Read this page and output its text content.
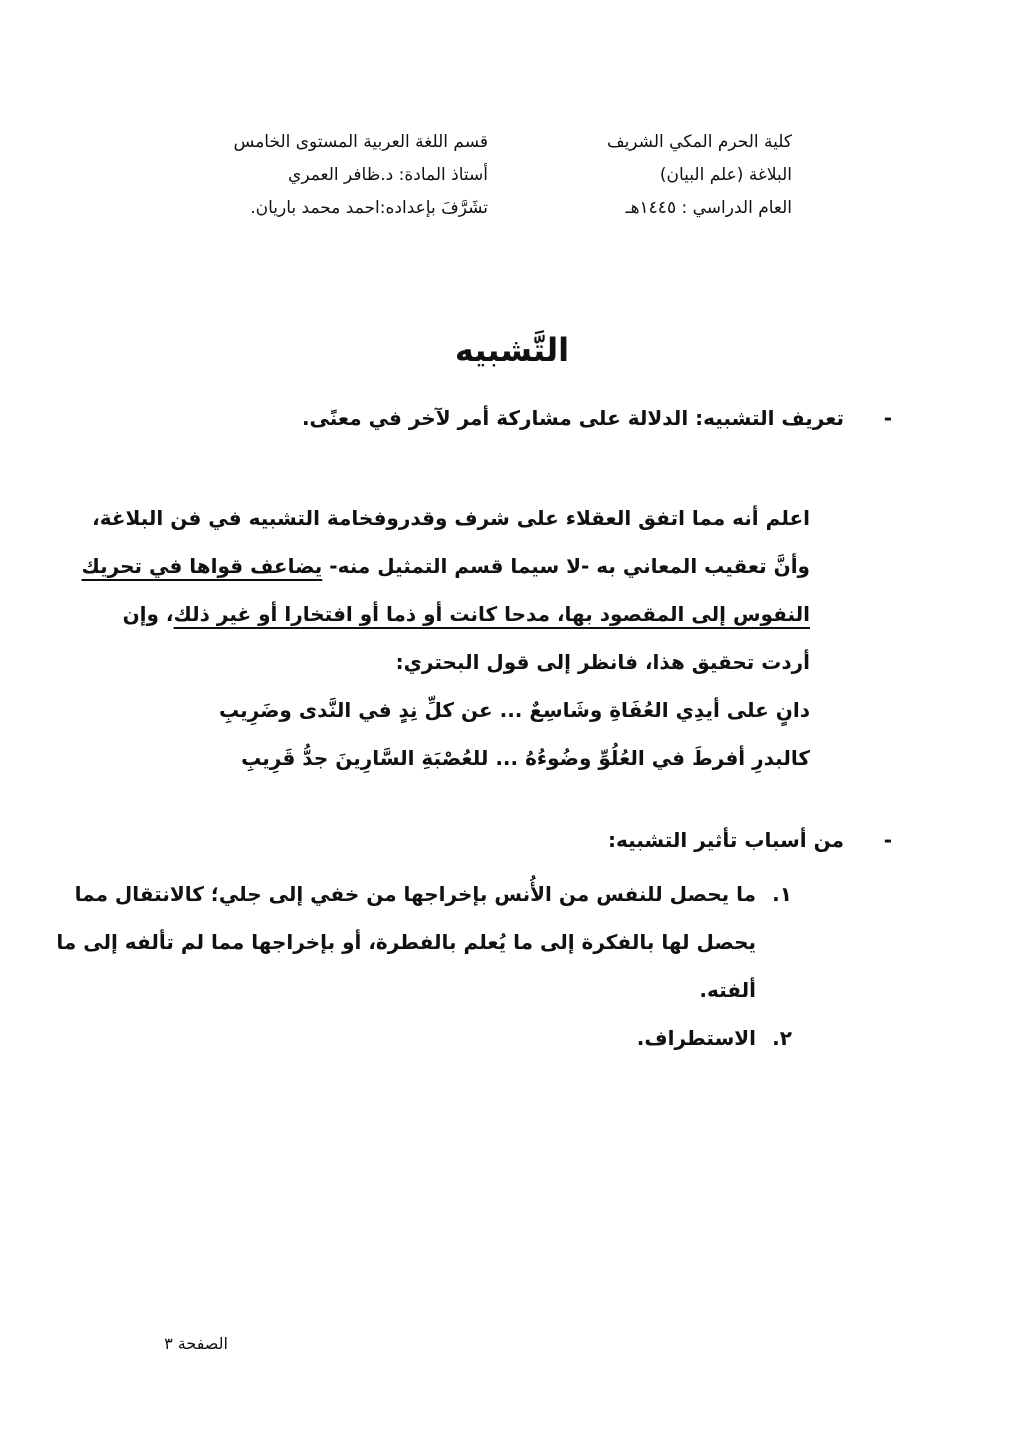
كلية الحرم المكي الشريف
البلاغة (علم البيان)
العام الدراسي : ١٤٤٥هـ
قسم اللغة العربية المستوى الخامس
أستاذ المادة: د.ظافر العمري
تشَرَّفَ بإعداده:احمد محمد باريان.
التَّشبيه
-
تعريف التشبيه: الدلالة على مشاركة أمر لآخر في معنًى.
اعلم أنه مما اتفق العقلاء على شرف وقدروفخامة التشبيه في فن البلاغة،
وأنَّ تعقيب المعاني به -لا سيما قسم التمثيل منه- يضاعف قواها في تحريك
النفوس إلى المقصود بها، مدحا كانت أو ذما أو افتخارا أو غير ذلك، وإن
أردت تحقيق هذا، فانظر إلى قول البحتري:
دانٍ على أيدِي العُفَاةِ وشَاسِعٌ ... عن كلِّ نِدٍ في النَّدى وضَرِيبِ
كالبدرِ أفرطَ في العُلُوِّ وضُوءُهُ ... للعُصْبَةِ السَّارِينَ جدُّ قَرِيبِ
-
من أسباب تأثير التشبيه:
١.
ما يحصل للنفس من الأُنس بإخراجها من خفي إلى جلي؛ كالانتقال مما
يحصل لها بالفكرة إلى ما يُعلم بالفطرة، أو بإخراجها مما لم تألفه إلى ما
ألفته.
٢.
الاستطراف.
الصفحة ٣
